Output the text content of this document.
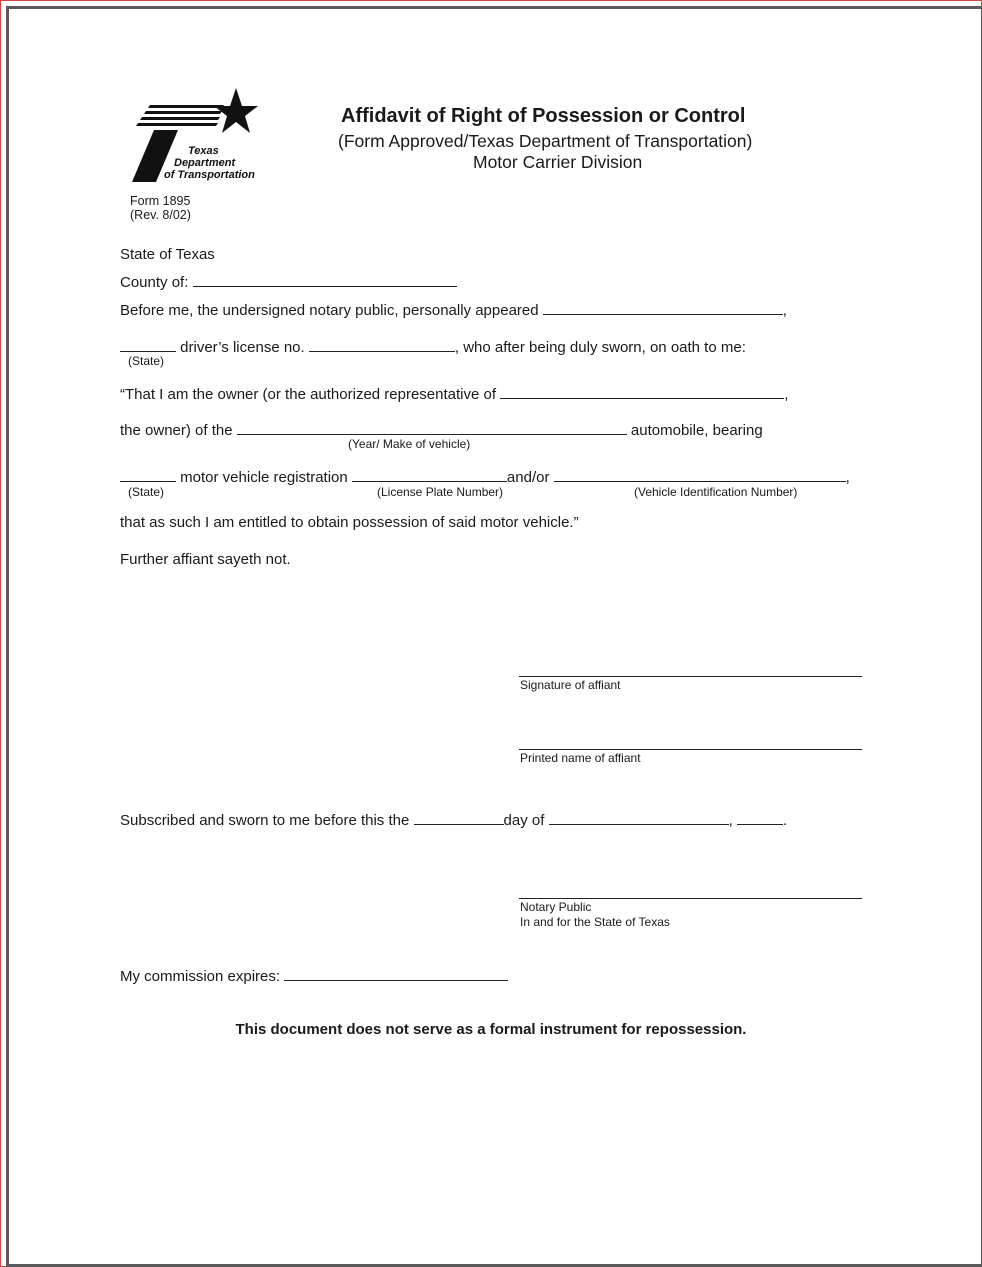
Texas
Department
of Transportation
Affidavit of Right of Possession or Control
(Form Approved/Texas Department of Transportation)
Motor Carrier Division
Form 1895
(Rev. 8/02)
State of Texas
County of:
Before me, the undersigned notary public, personally appeared	,
driver’s license no.	, who after being duly sworn, on oath to me:
(State)
“That I am the owner (or the authorized representative of	,
the owner) of the	automobile, bearing
(Year/ Make of vehicle)
motor vehicle registration	and/or	,
(State)	(License Plate Number)	(Vehicle Identification Number)
that as such I am entitled to obtain possession of said motor vehicle.”
Further affiant sayeth not.
Signature of affiant
Printed name of affiant
Subscribed and sworn to me before this the	day of	,	.
Notary Public
In and for the State of Texas
My commission expires:
This document does not serve as a formal instrument for repossession.
